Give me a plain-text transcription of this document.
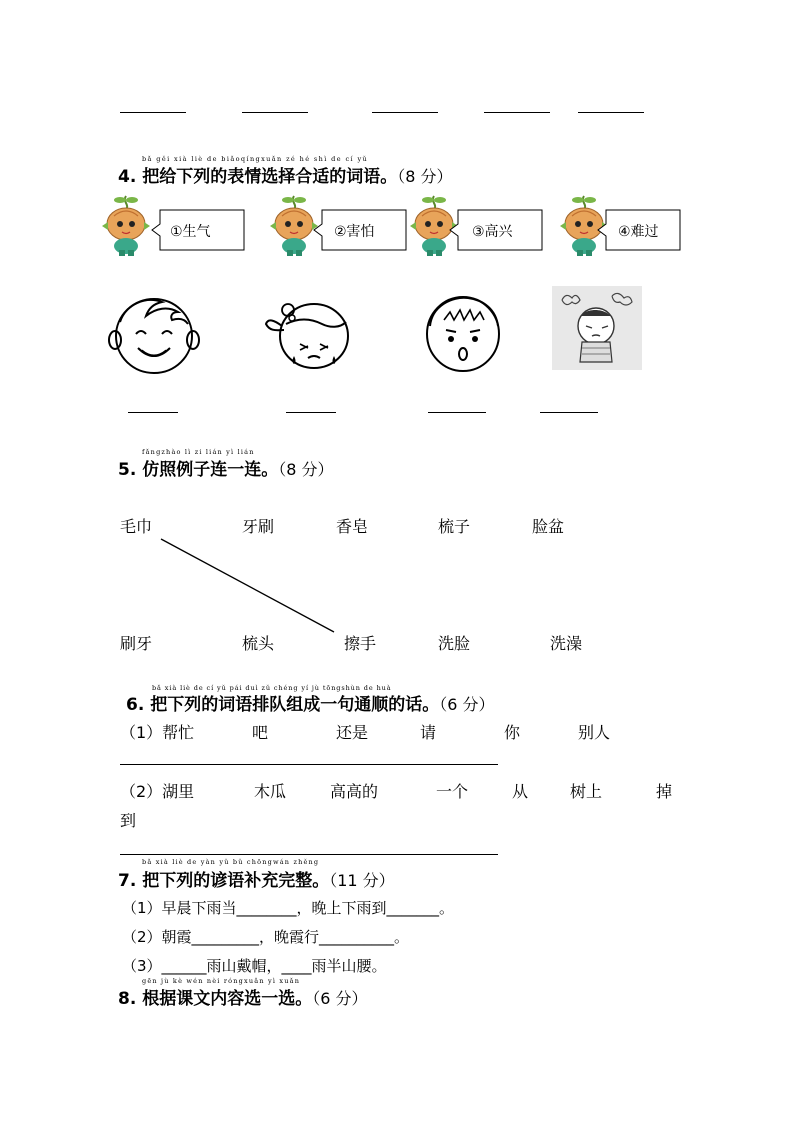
bǎ gěi xià liè de biǎoqíngxuǎn zé hé shì de cí yǔ
4. 把给下列的表情选择合适的词语。（8 分）
①生气	②害怕	③高兴	④难过
fǎngzhào lì zi lián yì lián
5. 仿照例子连一连。（8 分）
毛巾	牙刷	香皂	梳子	脸盆
刷牙	梳头	擦手	洗脸	洗澡
bǎ xià liè de cí yǔ pái duì zǔ chéng yí jù tōngshùn de huà
6. 把下列的词语排队组成一句通顺的话。（6 分）
（1）帮忙	吧	还是	请	你	别人
（2）湖里	木瓜	高高的	一个	从	树上	掉
到
bǎ xià liè de yàn yǔ bǔ chōngwán zhěng
7. 把下列的谚语补充完整。（11 分）
（1）早晨下雨当________，晚上下雨到_______。
（2）朝霞_________，晚霞行__________。
（3）______雨山戴帽，____雨半山腰。
gēn jù kè wén nèi róngxuǎn yì xuǎn
8. 根据课文内容选一选。（6 分）
